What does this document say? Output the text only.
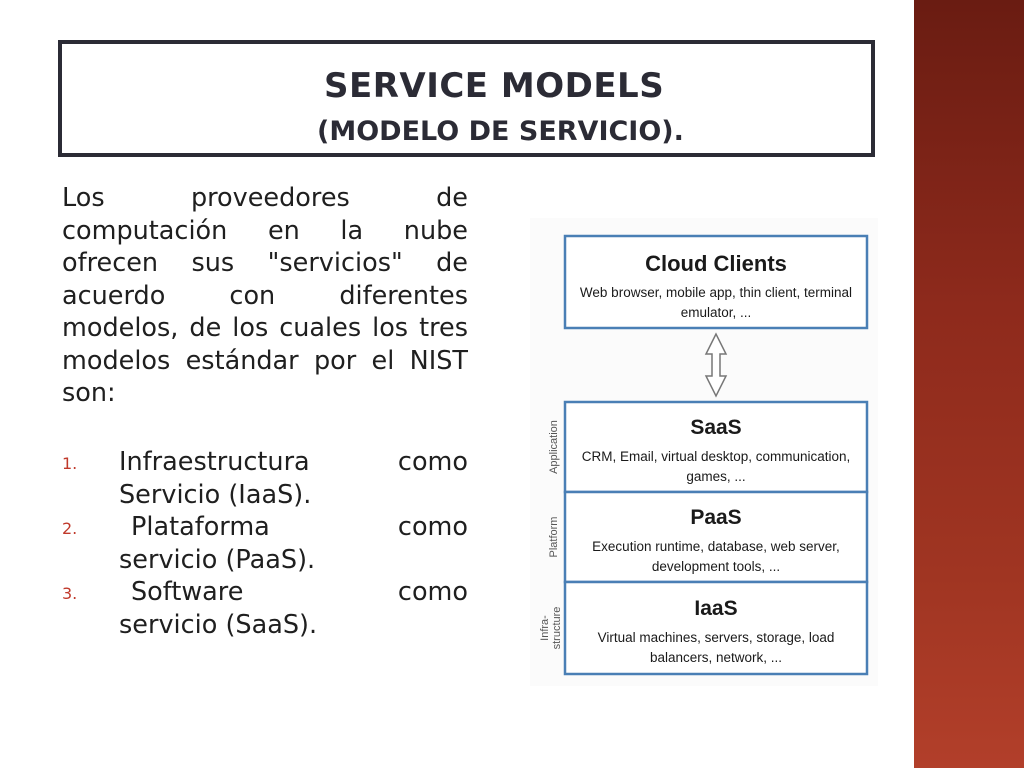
SERVICE MODELS
(MODELO DE SERVICIO).

Los proveedores de computación en la nube ofrecen sus "servicios" de acuerdo con diferentes modelos, de los cuales los tres modelos estándar por el NIST son:

1. Infraestructura	como
Servicio (IaaS).
2.	Plataforma	como
servicio (PaaS).
3.	Software	como
servicio (SaaS).
Cloud Clients
Web browser, mobile app, thin client, terminal
emulator, ...
SaaS
CRM, Email, virtual desktop, communication,
games, ...
PaaS
Execution runtime, database, web server,
development tools, ...
IaaS
Virtual machines, servers, storage, load
balancers, network, ...
Application
Platform
Infra- structure
